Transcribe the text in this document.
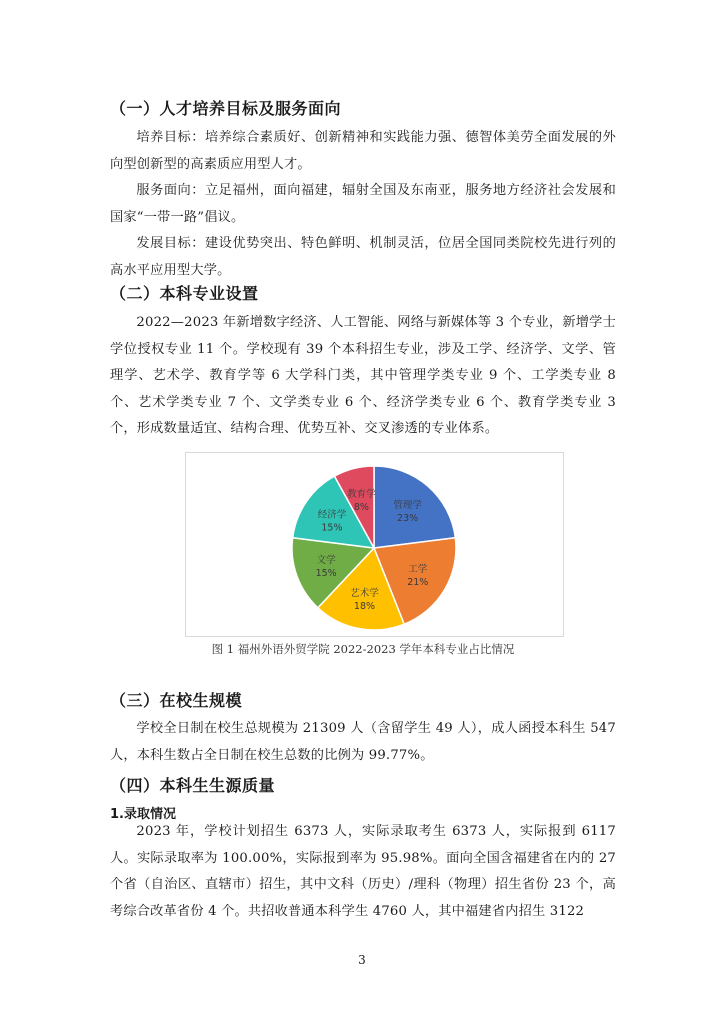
（一）人才培养目标及服务面向

培养目标：培养综合素质好、创新精神和实践能力强、德智体美劳全面发展的外向型创新型的高素质应用型人才。

服务面向：立足福州，面向福建，辐射全国及东南亚，服务地方经济社会发展和国家“一带一路”倡议。

发展目标：建设优势突出、特色鲜明、机制灵活，位居全国同类院校先进行列的高水平应用型大学。

（二）本科专业设置

2022—2023 年新增数字经济、人工智能、网络与新媒体等 3 个专业，新增学士学位授权专业 11 个。学校现有 39 个本科招生专业，涉及工学、经济学、文学、管理学、艺术学、教育学等 6 大学科门类，其中管理学类专业 9 个、工学类专业 8 个、艺术学类专业 7 个、文学类专业 6 个、经济学类专业 6 个、教育学类专业 3 个，形成数量适宜、结构合理、优势互补、交叉渗透的专业体系。

管理学
23%
工学
21%
艺术学
18%
文学
15%
经济学
15%
教育学
8%
图 1 福州外语外贸学院 2022-2023 学年本科专业占比情况
（三）在校生规模

学校全日制在校生总规模为 21309 人（含留学生 49 人），成人函授本科生 547 人，本科生数占全日制在校生总数的比例为 99.77%。

（四）本科生生源质量
1.录取情况

2023 年，学校计划招生 6373 人，实际录取考生 6373 人，实际报到 6117 人。实际录取率为 100.00%，实际报到率为 95.98%。面向全国含福建省在内的 27 个省（自治区、直辖市）招生，其中文科（历史）/理科（物理）招生省份 23 个，高考综合改革省份 4 个。共招收普通本科学生 4760 人，其中福建省内招生 3122

3
